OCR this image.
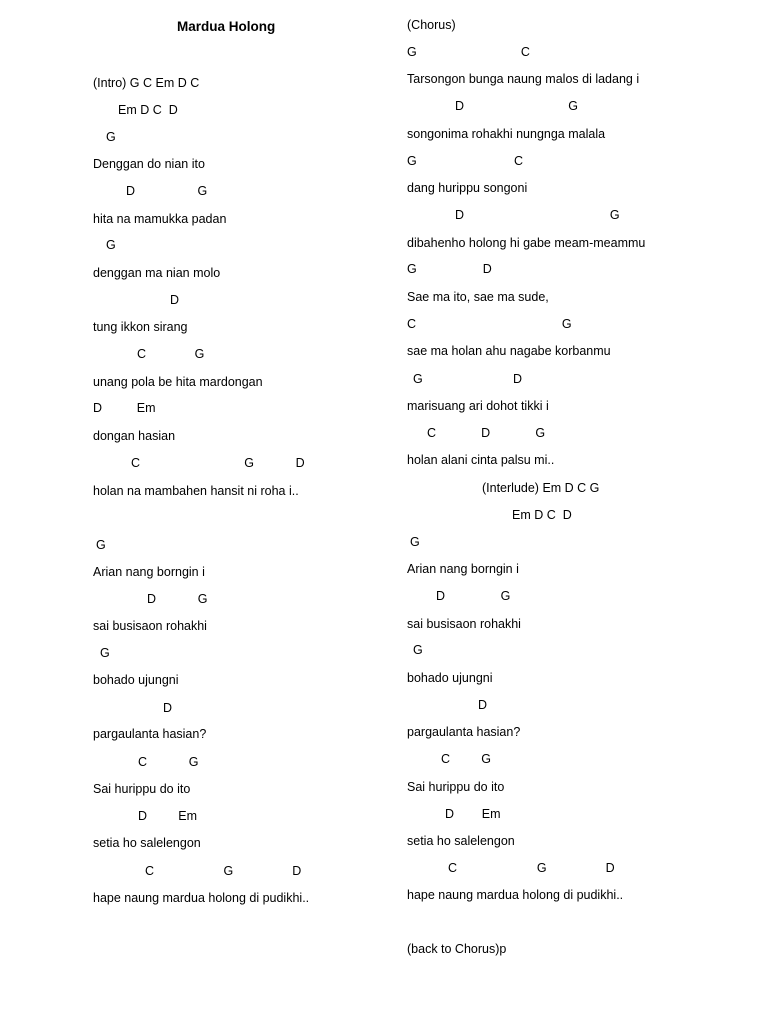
Mardua Holong
(Intro) G C Em D C
Em D C  D
G
Denggan do nian ito
D                  G
hita na mamukka padan
G
denggan ma nian molo
D
tung ikkon sirang
C              G
unang pola be hita mardongan
D          Em
dongan hasian
C                              G            D
holan na mambahen hansit ni roha i..
G
Arian nang borngin i
D            G
sai busisaon rohakhi
G
bohado ujungni
D
pargaulanta hasian?
C            G
Sai hurippu do ito
D         Em
setia ho salelengon
C                    G                 D
hape naung mardua holong di pudikhi..
(Chorus)
G                              C
Tarsongon bunga naung malos di ladang i
D                              G
songonima rohakhi nungnga malala
G                            C
dang hurippu songoni
D                                          G
dibahenho holong hi gabe meam-meammu
G                   D
Sae ma ito, sae ma sude,
C                                          G
sae ma holan ahu nagabe korbanmu
G                          D
marisuang ari dohot tikki i
C             D             G
holan alani cinta palsu mi..
(Interlude) Em D C G
Em D C  D
G
Arian nang borngin i
D                G
sai busisaon rohakhi
G
bohado ujungni
D
pargaulanta hasian?
C         G
Sai hurippu do ito
D        Em
setia ho salelengon
C                       G                 D
hape naung mardua holong di pudikhi..
(back to Chorus)p
